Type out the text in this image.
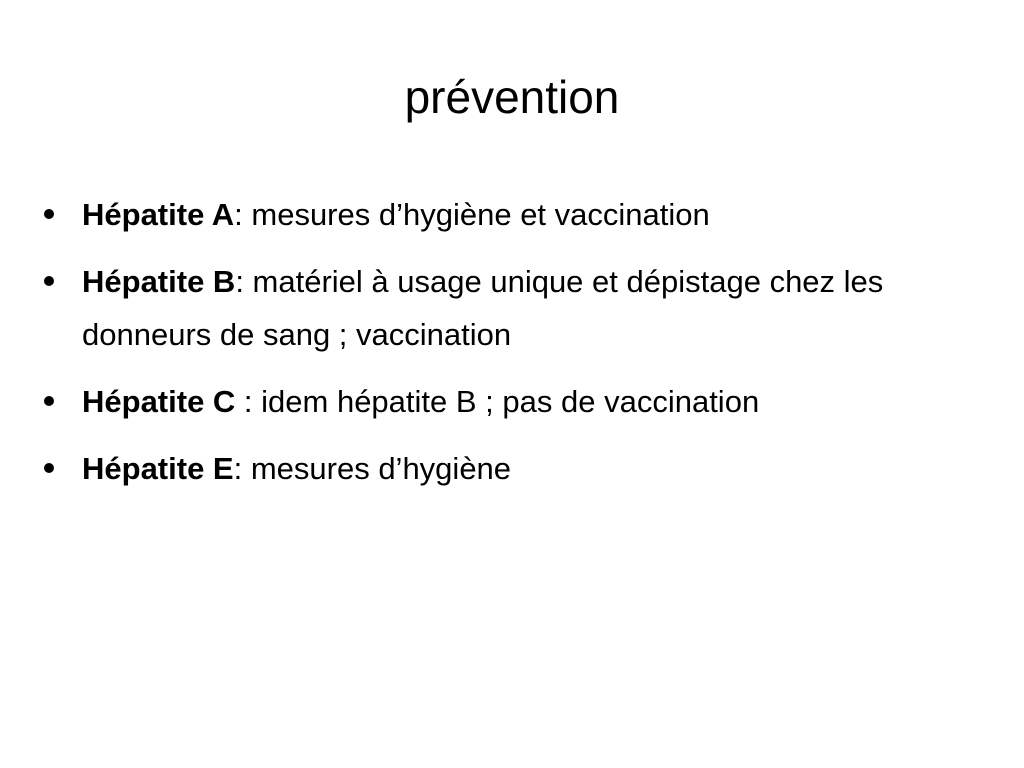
prévention
Hépatite A: mesures d’hygiène et vaccination
Hépatite B: matériel à usage unique et dépistage chez les donneurs de sang ; vaccination
Hépatite C : idem hépatite B ; pas de vaccination
Hépatite E: mesures d’hygiène
